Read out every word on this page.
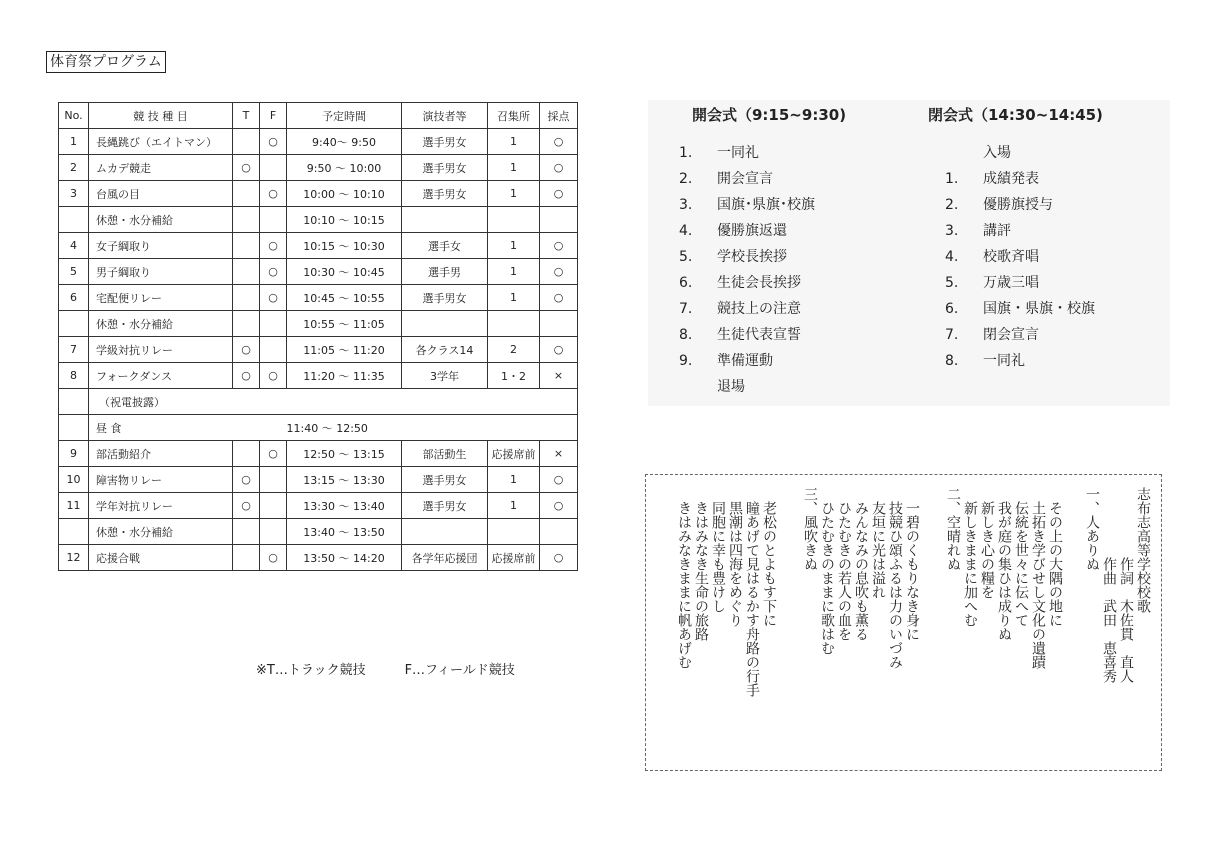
体育祭プログラム
No.	競 技 種 目	T	F	予定時間	演技者等	召集所	採点
1	長縄跳び（エイトマン）		○	9:40～ 9:50	選手男女	1	○
2	ムカデ競走	○		9:50 ～ 10:00	選手男女	1	○
3	台風の目		○	10:00 ～ 10:10	選手男女	1	○
	休憩・水分補給			10:10 ～ 10:15			
4	女子綱取り		○	10:15 ～ 10:30	選手女	1	○
5	男子綱取り		○	10:30 ～ 10:45	選手男	1	○
6	宅配便リレー		○	10:45 ～ 10:55	選手男女	1	○
	休憩・水分補給			10:55 ～ 11:05			
7	学級対抗リレー	○		11:05 ～ 11:20	各クラス14	2	○
8	フォークダンス	○	○	11:20 ～ 11:35	3学年	1・2	×
	（祝電披露）						
	昼 食			11:40 ～ 12:50			
9	部活動紹介		○	12:50 ～ 13:15	部活動生	応援席前	×
10	障害物リレー	○		13:15 ～ 13:30	選手男女	1	○
11	学年対抗リレー	○		13:30 ～ 13:40	選手男女	1	○
	休憩・水分補給			13:40 ～ 13:50			
12	応援合戦		○	13:50 ～ 14:20	各学年応援団	応援席前	○
※T…トラック競技　　　F…フィールド競技
開会式（9:15~9:30)	閉会式（14:30~14:45)
1. 一同礼
2. 開会宣言
3. 国旗･県旗･校旗
4. 優勝旗返還
5. 学校長挨拶
6. 生徒会長挨拶
7. 競技上の注意
8. 生徒代表宣誓
9. 準備運動
退場
入場
1. 成績発表
2. 優勝旗授与
3. 講評
4. 校歌斉唱
5. 万歳三唱
6. 国旗・県旗・校旗
7. 閉会宣言
8. 一同礼
志布志高等学校校歌
作詞　木佐貫　直人
作曲　武田　恵喜秀
一、人ありぬ
その上の大隅の地に
土拓き学びせし文化の遺蹟
伝統を世々に伝へて
我が庭の集ひは成りぬ
新しき心の糧を
新しきままに加へむ
二、空晴れぬ
一碧のくもりなき身に
技競ひ頌ふるは力のいづみ
友垣に光は溢れ
みんなみの息吹も薫る
ひたむきの若人の血を
ひたむきのままに歌はむ
三、風吹きぬ
老松のとよもす下に
瞳あげて見はるかす舟路の行手
黒潮は四海をめぐり
同胞に幸も豊けし
きはみなき生命の旅路
きはみなきままに帆あげむ
